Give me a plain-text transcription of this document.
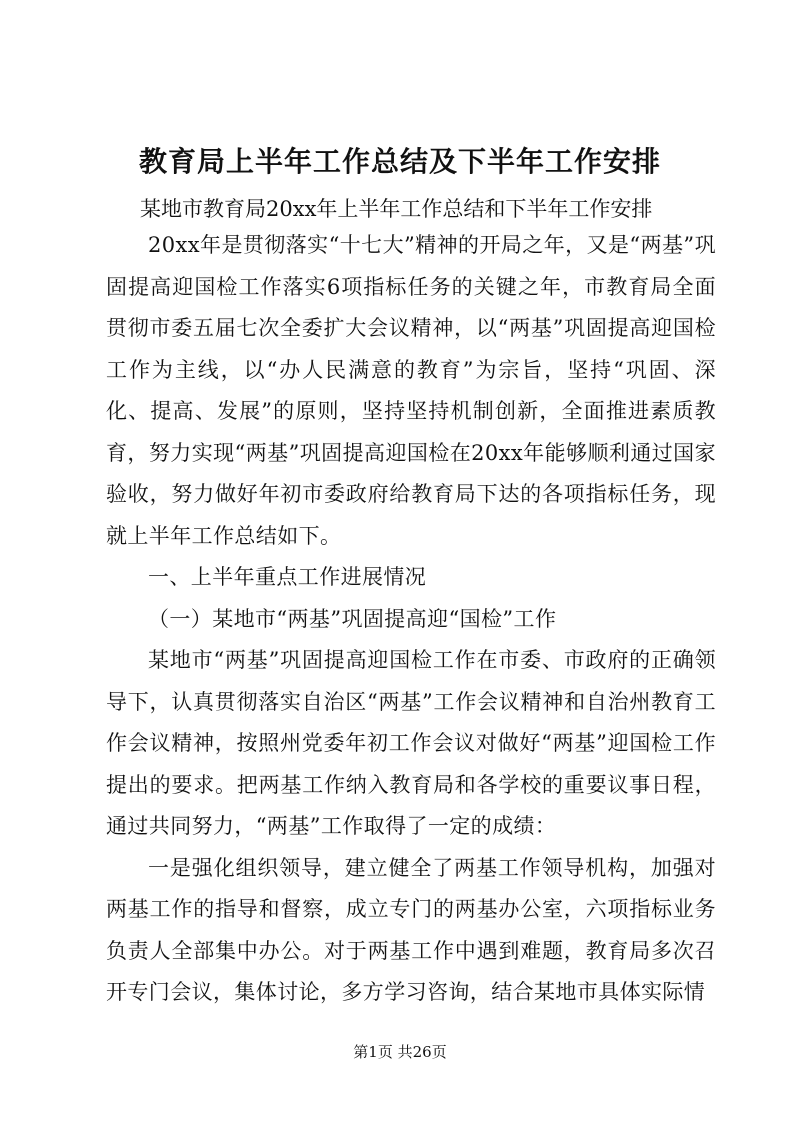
教育局上半年工作总结及下半年工作安排

某地市教育局20xx年上半年工作总结和下半年工作安排

20xx年是贯彻落实“十七大”精神的开局之年，又是“两基”巩固提高迎国检工作落实6项指标任务的关键之年，市教育局全面贯彻市委五届七次全委扩大会议精神，以“两基”巩固提高迎国检工作为主线，以“办人民满意的教育”为宗旨，坚持“巩固、深化、提高、发展”的原则，坚持坚持机制创新，全面推进素质教育，努力实现“两基”巩固提高迎国检在20xx年能够顺利通过国家验收，努力做好年初市委政府给教育局下达的各项指标任务，现就上半年工作总结如下。

一、上半年重点工作进展情况

（一）某地市“两基”巩固提高迎“国检”工作

某地市“两基”巩固提高迎国检工作在市委、市政府的正确领导下，认真贯彻落实自治区“两基”工作会议精神和自治州教育工作会议精神，按照州党委年初工作会议对做好“两基”迎国检工作提出的要求。把两基工作纳入教育局和各学校的重要议事日程，通过共同努力，“两基”工作取得了一定的成绩：

一是强化组织领导，建立健全了两基工作领导机构，加强对两基工作的指导和督察，成立专门的两基办公室，六项指标业务负责人全部集中办公。对于两基工作中遇到难题，教育局多次召开专门会议，集体讨论，多方学习咨询，结合某地市具体实际情

第1页 共26页
